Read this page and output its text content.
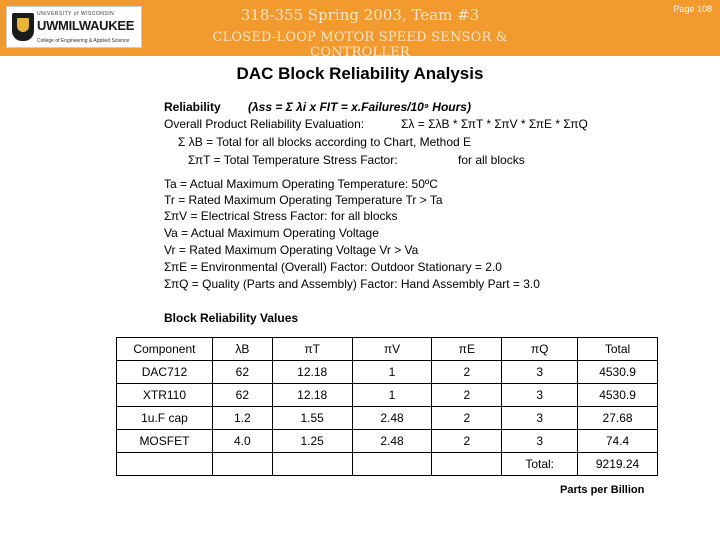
UNIVERSITY of WISCONSIN
UWMILWAUKEE
College of Engineering & Applied Science
318-355 Spring 2003, Team #3
CLOSED-LOOP MOTOR SPEED SENSOR & CONTROLLER
Page 108
DAC Block Reliability Analysis
Reliability (λss = Σ λi x FIT = x.Failures/10⁹ Hours)
Overall Product Reliability Evaluation:	Σλ = ΣλB * ΣπT * ΣπV * ΣπE * ΣπQ
Σ λB = Total for all blocks according to Chart, Method E
ΣπT = Total Temperature Stress Factor:	for all blocks
Ta = Actual Maximum Operating Temperature: 50ºC
Tr = Rated Maximum Operating Temperature Tr > Ta
ΣπV = Electrical Stress Factor: for all blocks
Va = Actual Maximum Operating Voltage
Vr = Rated Maximum Operating Voltage Vr > Va
ΣπE = Environmental (Overall) Factor: Outdoor Stationary = 2.0
ΣπQ = Quality (Parts and Assembly) Factor: Hand Assembly Part = 3.0
Block Reliability Values
Component	λB	πT	πV	πE	πQ	Total
DAC712	62	12.18	1	2	3	4530.9
XTR110	62	12.18	1	2	3	4530.9
1u.F cap	1.2	1.55	2.48	2	3	27.68
MOSFET	4.0	1.25	2.48	2	3	74.4
					Total:	9219.24
Parts per Billion
